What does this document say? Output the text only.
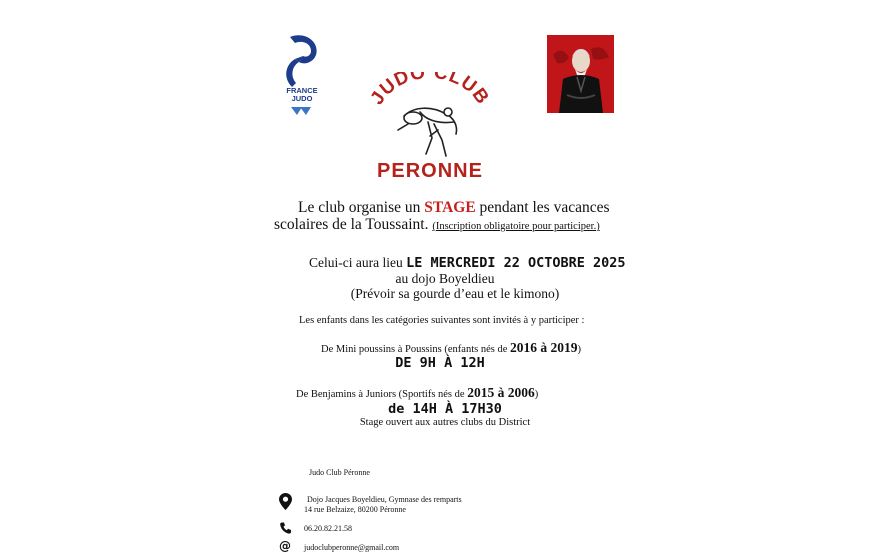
FRANCE
JUDO	JUDO CLUB
PERONNE
Le club organise un STAGE pendant les vacances
scolaires de la Toussaint. (Inscription obligatoire pour participer.)
Celui-ci aura lieu LE MERCREDI 22 OCTOBRE 2025
au dojo Boyeldieu
(Prévoir sa gourde d’eau et le kimono)
Les enfants dans les catégories suivantes sont invités à y participer :
De Mini poussins à Poussins (enfants nés de 2016 à 2019)
DE 9H À 12H
De Benjamins à Juniors (Sportifs nés de 2015 à 2006)
de 14H À 17H30
Stage ouvert aux autres clubs du District
Judo Club Péronne
Dojo Jacques Boyeldieu, Gymnase des remparts
14 rue Belzaize, 80200 Péronne
06.20.82.21.58
@ judoclubperonne@gmail.com
